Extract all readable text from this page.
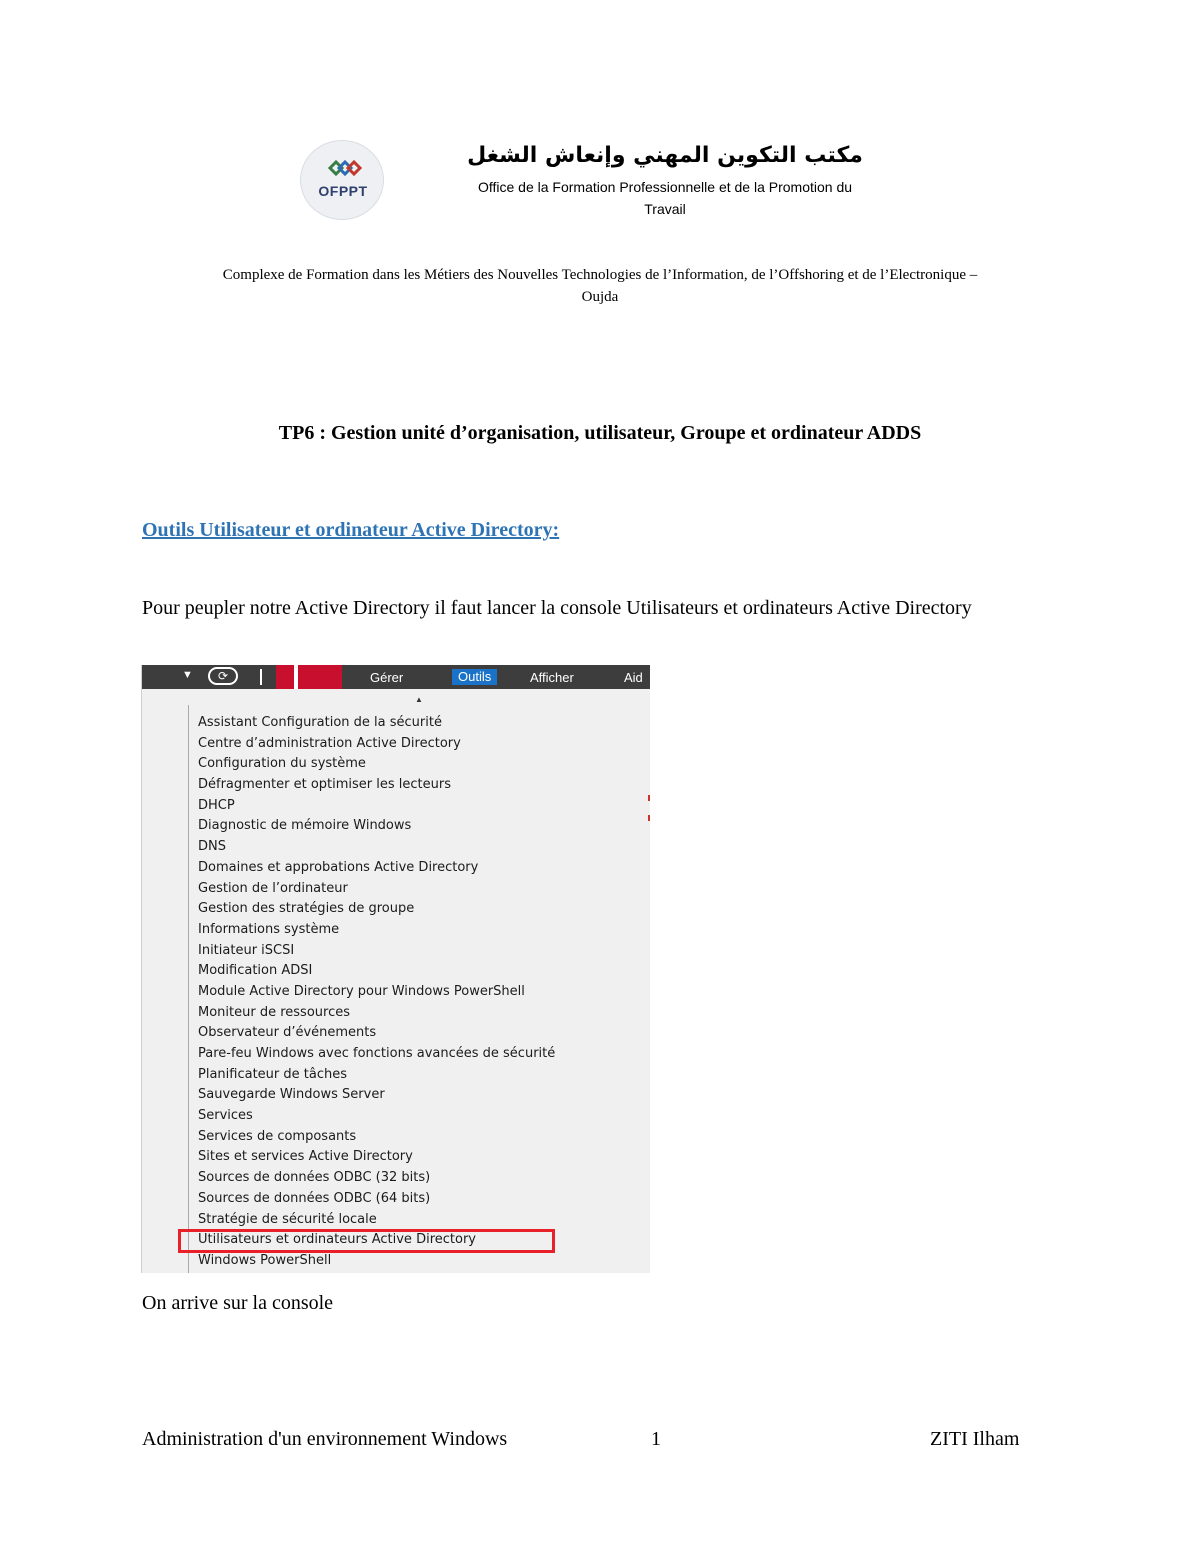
OFPPT
مكتب التكوين المهني وإنعاش الشغل
Office de la Formation Professionnelle et de la Promotion du
Travail
Complexe de Formation dans les Métiers des Nouvelles Technologies de l’Information, de l’Offshoring et de l’Electronique –
Oujda
TP6 : Gestion unité d’organisation, utilisateur, Groupe et ordinateur ADDS
Outils Utilisateur et ordinateur Active Directory:
Pour peupler notre Active Directory il faut lancer la console Utilisateurs et ordinateurs Active Directory
▼	⟳	Gérer	Outils	Afficher	Aid
▲
Assistant Configuration de la sécurité
Centre d’administration Active Directory
Configuration du système
Défragmenter et optimiser les lecteurs
DHCP
Diagnostic de mémoire Windows
DNS
Domaines et approbations Active Directory
Gestion de l’ordinateur
Gestion des stratégies de groupe
Informations système
Initiateur iSCSI
Modification ADSI
Module Active Directory pour Windows PowerShell
Moniteur de ressources
Observateur d’événements
Pare-feu Windows avec fonctions avancées de sécurité
Planificateur de tâches
Sauvegarde Windows Server
Services
Services de composants
Sites et services Active Directory
Sources de données ODBC (32 bits)
Sources de données ODBC (64 bits)
Stratégie de sécurité locale
Utilisateurs et ordinateurs Active Directory
Windows PowerShell
On arrive sur la console
Administration d'un environnement Windows	1	ZITI Ilham
